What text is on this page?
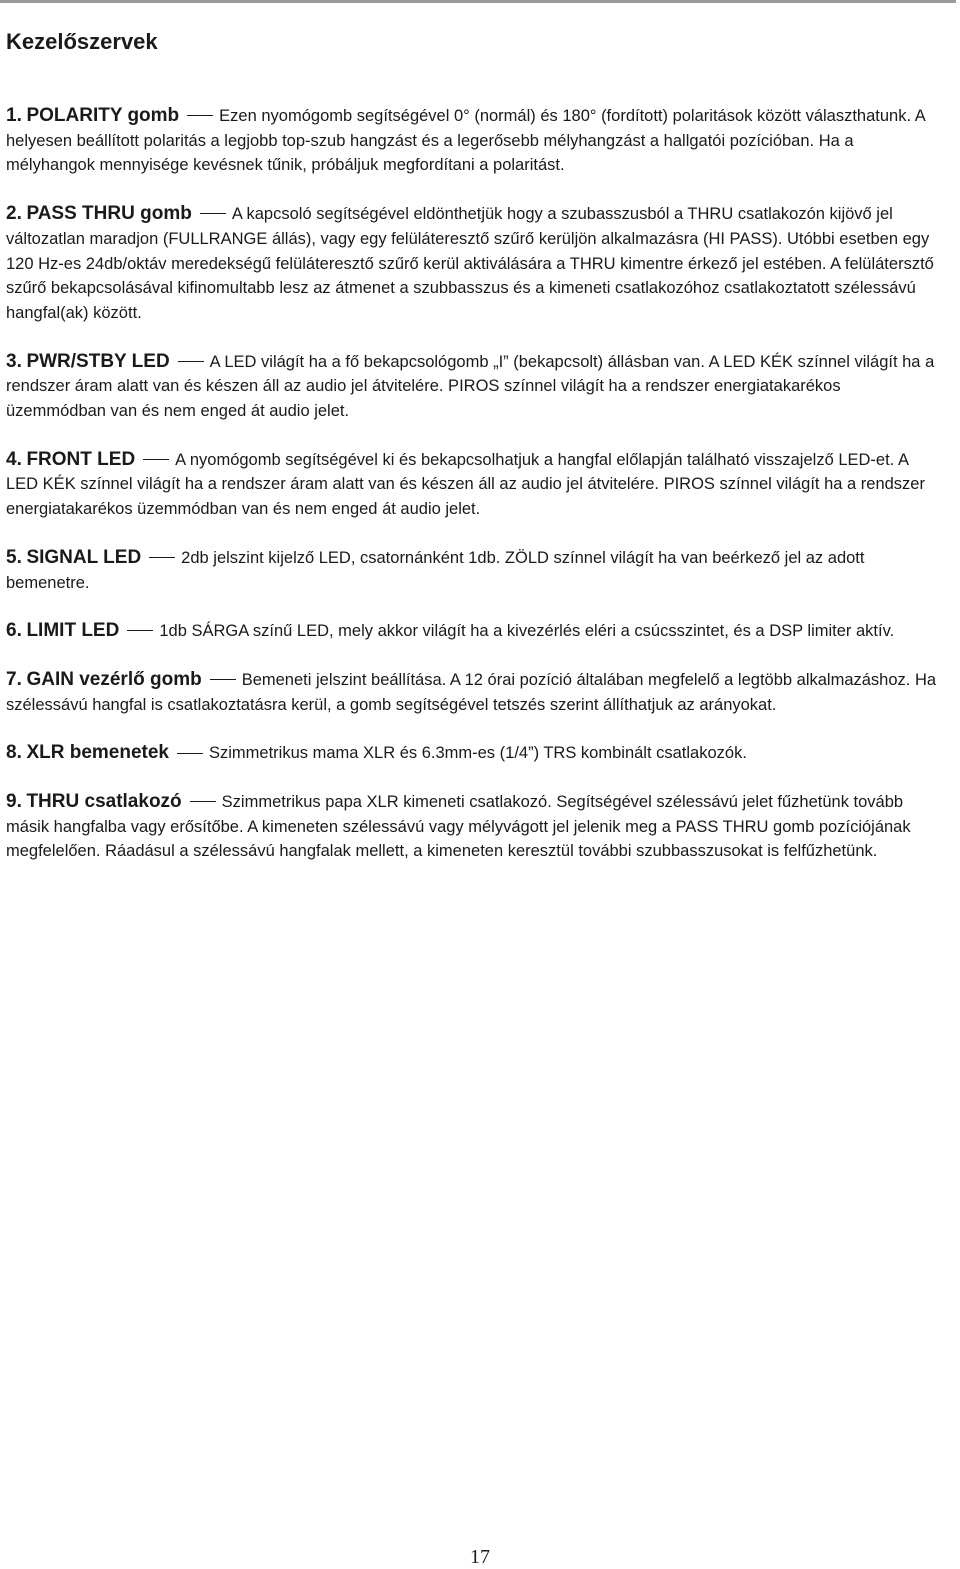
Kezelőszervek
1. POLARITY gomb Ezen nyomógomb segítségével 0° (normál) és 180° (fordított) polaritások között választhatunk. A helyesen beállított polaritás a legjobb top-szub hangzást és a legerősebb mélyhangzást a hallgatói pozícióban. Ha a mélyhangok mennyisége kevésnek tűnik, próbáljuk megfordítani a polaritást.
2. PASS THRU gomb A kapcsoló segítségével eldönthetjük hogy a szubasszusból a THRU csatlakozón kijövő jel változatlan maradjon (FULLRANGE állás), vagy egy felüláteresztő szűrő kerüljön alkalmazásra (HI PASS). Utóbbi esetben egy 120 Hz-es 24db/oktáv meredekségű felüláteresztő szűrő kerül aktiválására a THRU kimentre érkező jel estében. A felülátersztő szűrő bekapcsolásával kifinomultabb lesz az átmenet a szubbasszus és a kimeneti csatlakozóhoz csatlakoztatott szélessávú hangfal(ak) között.
3. PWR/STBY LED A LED világít ha a fő bekapcsológomb „I” (bekapcsolt) állásban van. A LED KÉK színnel világít ha a rendszer áram alatt van és készen áll az audio jel átvitelére. PIROS színnel világít ha a rendszer energiatakarékos üzemmódban van és nem enged át audio jelet.
4. FRONT LED A nyomógomb segítségével ki és bekapcsolhatjuk a hangfal előlapján található visszajelző LED-et. A LED KÉK színnel világít ha a rendszer áram alatt van és készen áll az audio jel átvitelére. PIROS színnel világít ha a rendszer energiatakarékos üzemmódban van és nem enged át audio jelet.
5. SIGNAL LED 2db jelszint kijelző LED, csatornánként 1db. ZÖLD színnel világít ha van beérkező jel az adott bemenetre.
6. LIMIT LED 1db SÁRGA színű LED, mely akkor világít ha a kivezérlés eléri a csúcsszintet, és a DSP limiter aktív.
7. GAIN vezérlő gomb Bemeneti jelszint beállítása. A 12 órai pozíció általában megfelelő a legtöbb alkalmazáshoz. Ha szélessávú hangfal is csatlakoztatásra kerül, a gomb segítségével tetszés szerint állíthatjuk az arányokat.
8. XLR bemenetek Szimmetrikus mama XLR és 6.3mm-es (1/4”) TRS kombinált csatlakozók.
9. THRU csatlakozó Szimmetrikus papa XLR kimeneti csatlakozó. Segítségével szélessávú jelet fűzhetünk tovább másik hangfalba vagy erősítőbe. A kimeneten szélessávú vagy mélyvágott jel jelenik meg a PASS THRU gomb pozíciójának megfelelően. Ráadásul a szélessávú hangfalak mellett, a kimeneten keresztül további szubbasszusokat is felfűzhetünk.
17
